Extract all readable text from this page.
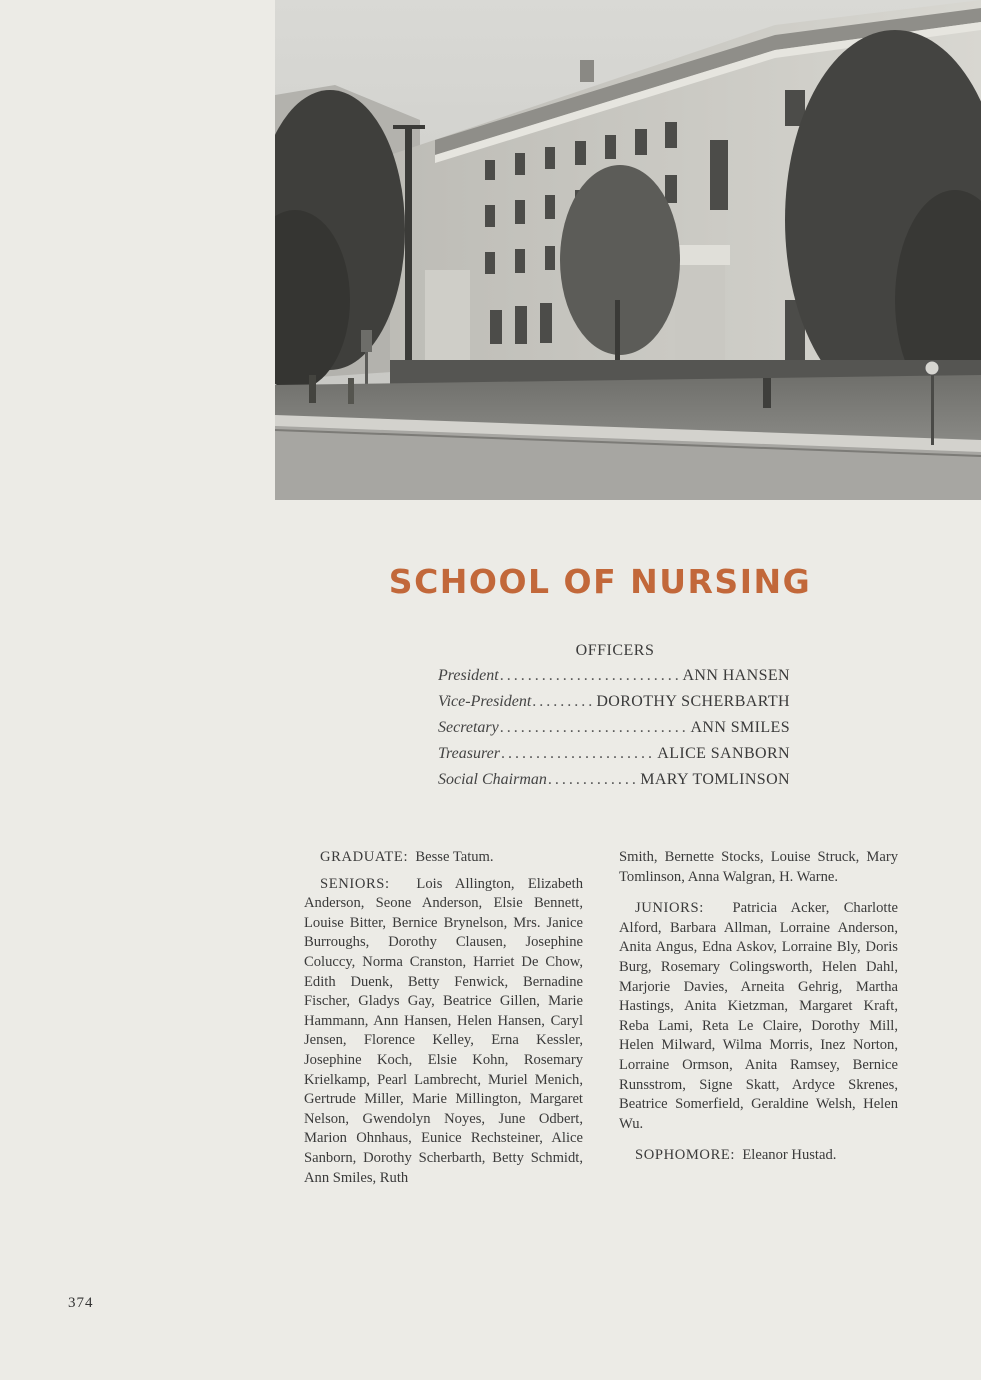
SCHOOL OF NURSING
OFFICERS
President .....	ANN HANSEN
Vice-President .....	DOROTHY SCHERBARTH
Secretary .....	ANN SMILES
Treasurer .....	ALICE SANBORN
Social Chairman .....	MARY TOMLINSON

GRADUATE: Besse Tatum.

SENIORS: Lois Allington, Elizabeth Anderson, Seone Anderson, Elsie Bennett, Louise Bitter, Bernice Brynelson, Mrs. Janice Burroughs, Dorothy Clausen, Josephine Coluccy, Norma Cranston, Harriet De Chow, Edith Duenk, Betty Fenwick, Bernadine Fischer, Gladys Gay, Beatrice Gillen, Marie Hammann, Ann Hansen, Helen Hansen, Caryl Jensen, Florence Kelley, Erna Kessler, Josephine Koch, Elsie Kohn, Rosemary Krielkamp, Pearl Lambrecht, Muriel Menich, Gertrude Miller, Marie Millington, Margaret Nelson, Gwendolyn Noyes, June Odbert, Marion Ohnhaus, Eunice Rechsteiner, Alice Sanborn, Dorothy Scherbarth, Betty Schmidt, Ann Smiles, Ruth

Smith, Bernette Stocks, Louise Struck, Mary Tomlinson, Anna Walgran, H. Warne.

JUNIORS: Patricia Acker, Charlotte Alford, Barbara Allman, Lorraine Anderson, Anita Angus, Edna Askov, Lorraine Bly, Doris Burg, Rosemary Colingsworth, Helen Dahl, Marjorie Davies, Arneita Gehrig, Martha Hastings, Anita Kietzman, Margaret Kraft, Reba Lami, Reta Le Claire, Dorothy Mill, Helen Milward, Wilma Morris, Inez Norton, Lorraine Ormson, Anita Ramsey, Bernice Runsstrom, Signe Skatt, Ardyce Skrenes, Beatrice Somerfield, Geraldine Welsh, Helen Wu.

SOPHOMORE: Eleanor Hustad.

374
